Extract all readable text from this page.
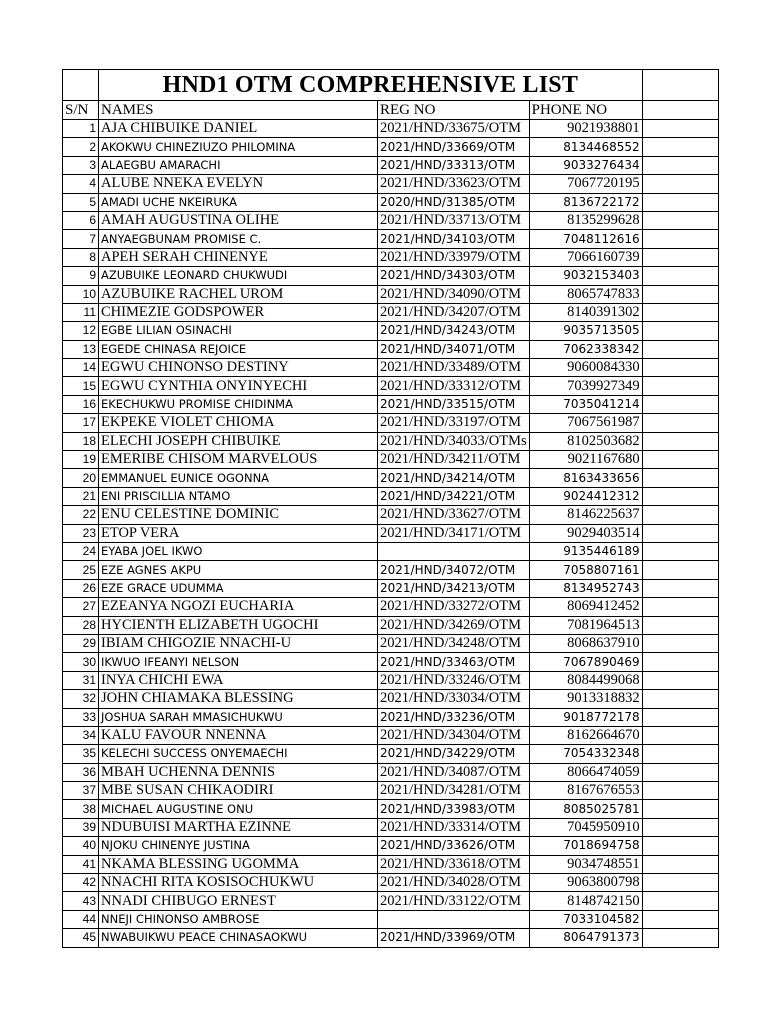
	HND1 OTM COMPREHENSIVE LIST			
S/N	NAMES	REG NO	PHONE NO	
1	AJA CHIBUIKE DANIEL	2021/HND/33675/OTM	9021938801	
2	AKOKWU CHINEZIUZO PHILOMINA	2021/HND/33669/OTM	8134468552	
3	ALAEGBU AMARACHI	2021/HND/33313/OTM	9033276434	
4	ALUBE NNEKA EVELYN	2021/HND/33623/OTM	7067720195	
5	AMADI UCHE NKEIRUKA	2020/HND/31385/OTM	8136722172	
6	AMAH AUGUSTINA OLIHE	2021/HND/33713/OTM	8135299628	
7	ANYAEGBUNAM PROMISE C.	2021/HND/34103/OTM	7048112616	
8	APEH SERAH CHINENYE	2021/HND/33979/OTM	7066160739	
9	AZUBUIKE LEONARD CHUKWUDI	2021/HND/34303/OTM	9032153403	
10	AZUBUIKE RACHEL UROM	2021/HND/34090/OTM	8065747833	
11	CHIMEZIE GODSPOWER	2021/HND/34207/OTM	8140391302	
12	EGBE LILIAN OSINACHI	2021/HND/34243/OTM	9035713505	
13	EGEDE CHINASA REJOICE	2021/HND/34071/OTM	7062338342	
14	EGWU CHINONSO DESTINY	2021/HND/33489/OTM	9060084330	
15	EGWU CYNTHIA ONYINYECHI	2021/HND/33312/OTM	7039927349	
16	EKECHUKWU PROMISE CHIDINMA	2021/HND/33515/OTM	7035041214	
17	EKPEKE VIOLET CHIOMA	2021/HND/33197/OTM	7067561987	
18	ELECHI JOSEPH CHIBUIKE	2021/HND/34033/OTMs	8102503682	
19	EMERIBE CHISOM MARVELOUS	2021/HND/34211/OTM	9021167680	
20	EMMANUEL EUNICE OGONNA	2021/HND/34214/OTM	8163433656	
21	ENI PRISCILLIA NTAMO	2021/HND/34221/OTM	9024412312	
22	ENU CELESTINE DOMINIC	2021/HND/33627/OTM	8146225637	
23	ETOP VERA	2021/HND/34171/OTM	9029403514	
24	EYABA JOEL IKWO		9135446189	
25	EZE AGNES AKPU	2021/HND/34072/OTM	7058807161	
26	EZE GRACE UDUMMA	2021/HND/34213/OTM	8134952743	
27	EZEANYA NGOZI EUCHARIA	2021/HND/33272/OTM	8069412452	
28	HYCIENTH ELIZABETH UGOCHI	2021/HND/34269/OTM	7081964513	
29	IBIAM CHIGOZIE NNACHI-U	2021/HND/34248/OTM	8068637910	
30	IKWUO IFEANYI NELSON	2021/HND/33463/OTM	7067890469	
31	INYA CHICHI EWA	2021/HND/33246/OTM	8084499068	
32	JOHN CHIAMAKA BLESSING	2021/HND/33034/OTM	9013318832	
33	JOSHUA SARAH MMASICHUKWU	2021/HND/33236/OTM	9018772178	
34	KALU FAVOUR NNENNA	2021/HND/34304/OTM	8162664670	
35	KELECHI SUCCESS ONYEMAECHI	2021/HND/34229/OTM	7054332348	
36	MBAH UCHENNA DENNIS	2021/HND/34087/OTM	8066474059	
37	MBE SUSAN CHIKAODIRI	2021/HND/34281/OTM	8167676553	
38	MICHAEL AUGUSTINE ONU	2021/HND/33983/OTM	8085025781	
39	NDUBUISI MARTHA EZINNE	2021/HND/33314/OTM	7045950910	
40	NJOKU CHINENYE JUSTINA	2021/HND/33626/OTM	7018694758	
41	NKAMA BLESSING UGOMMA	2021/HND/33618/OTM	9034748551	
42	NNACHI RITA KOSISOCHUKWU	2021/HND/34028/OTM	9063800798	
43	NNADI CHIBUGO ERNEST	2021/HND/33122/OTM	8148742150	
44	NNEJI CHINONSO AMBROSE		7033104582	
45	NWABUIKWU PEACE CHINASAOKWU	2021/HND/33969/OTM	8064791373	
